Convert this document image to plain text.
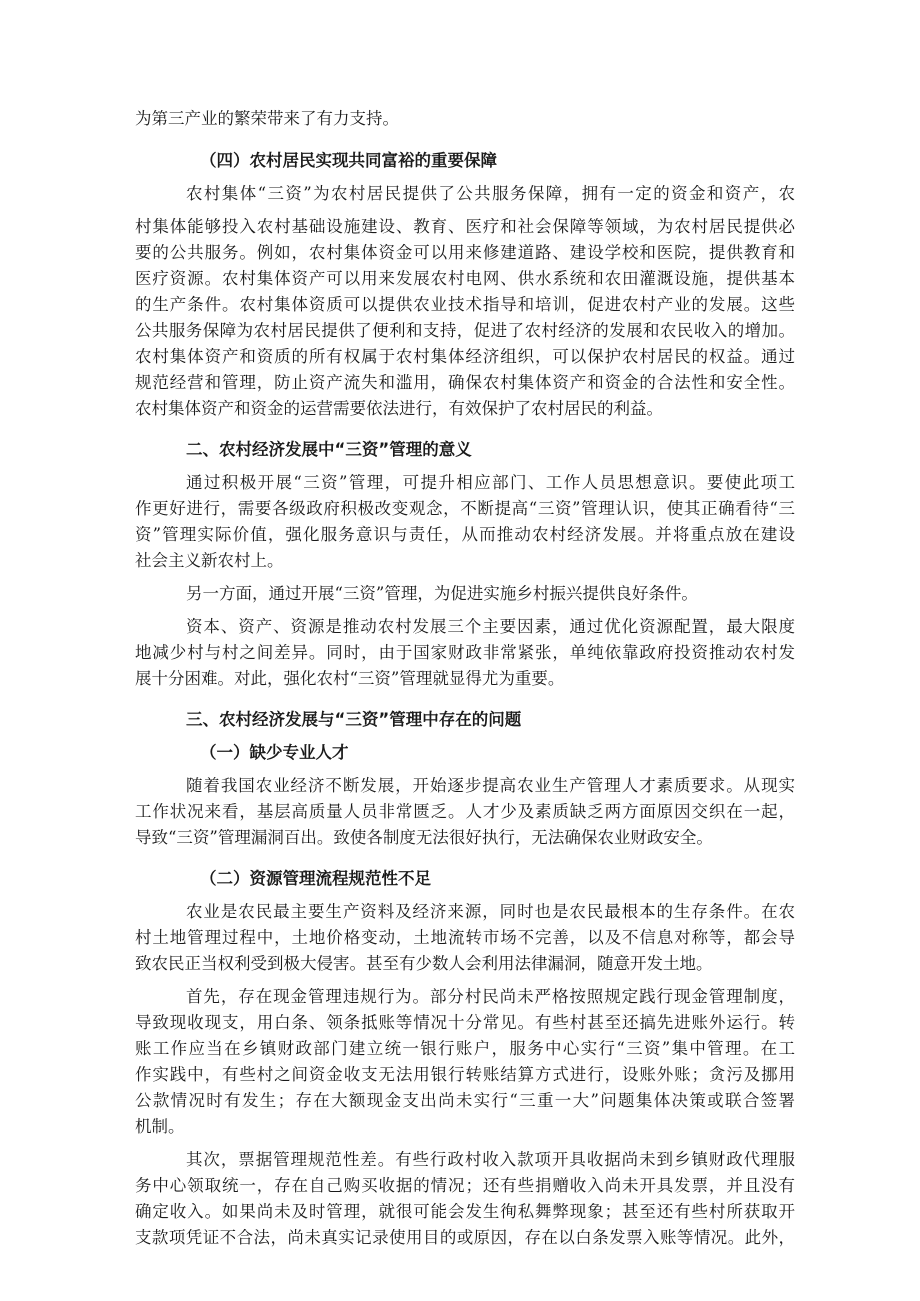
为第三产业的繁荣带来了有力支持。
（四）农村居民实现共同富裕的重要保障
农村集体“三资”为农村居民提供了公共服务保障，拥有一定的资金和资产，农
村集体能够投入农村基础设施建设、教育、医疗和社会保障等领域，为农村居民提供必
要的公共服务。例如，农村集体资金可以用来修建道路、建设学校和医院，提供教育和
医疗资源。农村集体资产可以用来发展农村电网、供水系统和农田灌溉设施，提供基本
的生产条件。农村集体资质可以提供农业技术指导和培训，促进农村产业的发展。这些
公共服务保障为农村居民提供了便利和支持，促进了农村经济的发展和农民收入的增加。
农村集体资产和资质的所有权属于农村集体经济组织，可以保护农村居民的权益。通过
规范经营和管理，防止资产流失和滥用，确保农村集体资产和资金的合法性和安全性。
农村集体资产和资金的运营需要依法进行，有效保护了农村居民的利益。
二、农村经济发展中“三资”管理的意义
通过积极开展“三资”管理，可提升相应部门、工作人员思想意识。要使此项工
作更好进行，需要各级政府积极改变观念，不断提高“三资”管理认识，使其正确看待“三
资”管理实际价值，强化服务意识与责任，从而推动农村经济发展。并将重点放在建设
社会主义新农村上。
另一方面，通过开展“三资”管理，为促进实施乡村振兴提供良好条件。
资本、资产、资源是推动农村发展三个主要因素，通过优化资源配置，最大限度
地减少村与村之间差异。同时，由于国家财政非常紧张，单纯依靠政府投资推动农村发
展十分困难。对此，强化农村“三资”管理就显得尤为重要。
三、农村经济发展与“三资”管理中存在的问题
（一）缺少专业人才
随着我国农业经济不断发展，开始逐步提高农业生产管理人才素质要求。从现实
工作状况来看，基层高质量人员非常匮乏。人才少及素质缺乏两方面原因交织在一起，
导致“三资”管理漏洞百出。致使各制度无法很好执行，无法确保农业财政安全。
（二）资源管理流程规范性不足
农业是农民最主要生产资料及经济来源，同时也是农民最根本的生存条件。在农
村土地管理过程中，土地价格变动，土地流转市场不完善，以及不信息对称等，都会导
致农民正当权利受到极大侵害。甚至有少数人会利用法律漏洞，随意开发土地。
首先，存在现金管理违规行为。部分村民尚未严格按照规定践行现金管理制度，
导致现收现支，用白条、领条抵账等情况十分常见。有些村甚至还搞先进账外运行。转
账工作应当在乡镇财政部门建立统一银行账户，服务中心实行“三资”集中管理。在工
作实践中，有些村之间资金收支无法用银行转账结算方式进行，设账外账；贪污及挪用
公款情况时有发生；存在大额现金支出尚未实行“三重一大”问题集体决策或联合签署
机制。
其次，票据管理规范性差。有些行政村收入款项开具收据尚未到乡镇财政代理服
务中心领取统一，存在自己购买收据的情况；还有些捐赠收入尚未开具发票，并且没有
确定收入。如果尚未及时管理，就很可能会发生徇私舞弊现象；甚至还有些村所获取开
支款项凭证不合法，尚未真实记录使用目的或原因，存在以白条发票入账等情况。此外，
